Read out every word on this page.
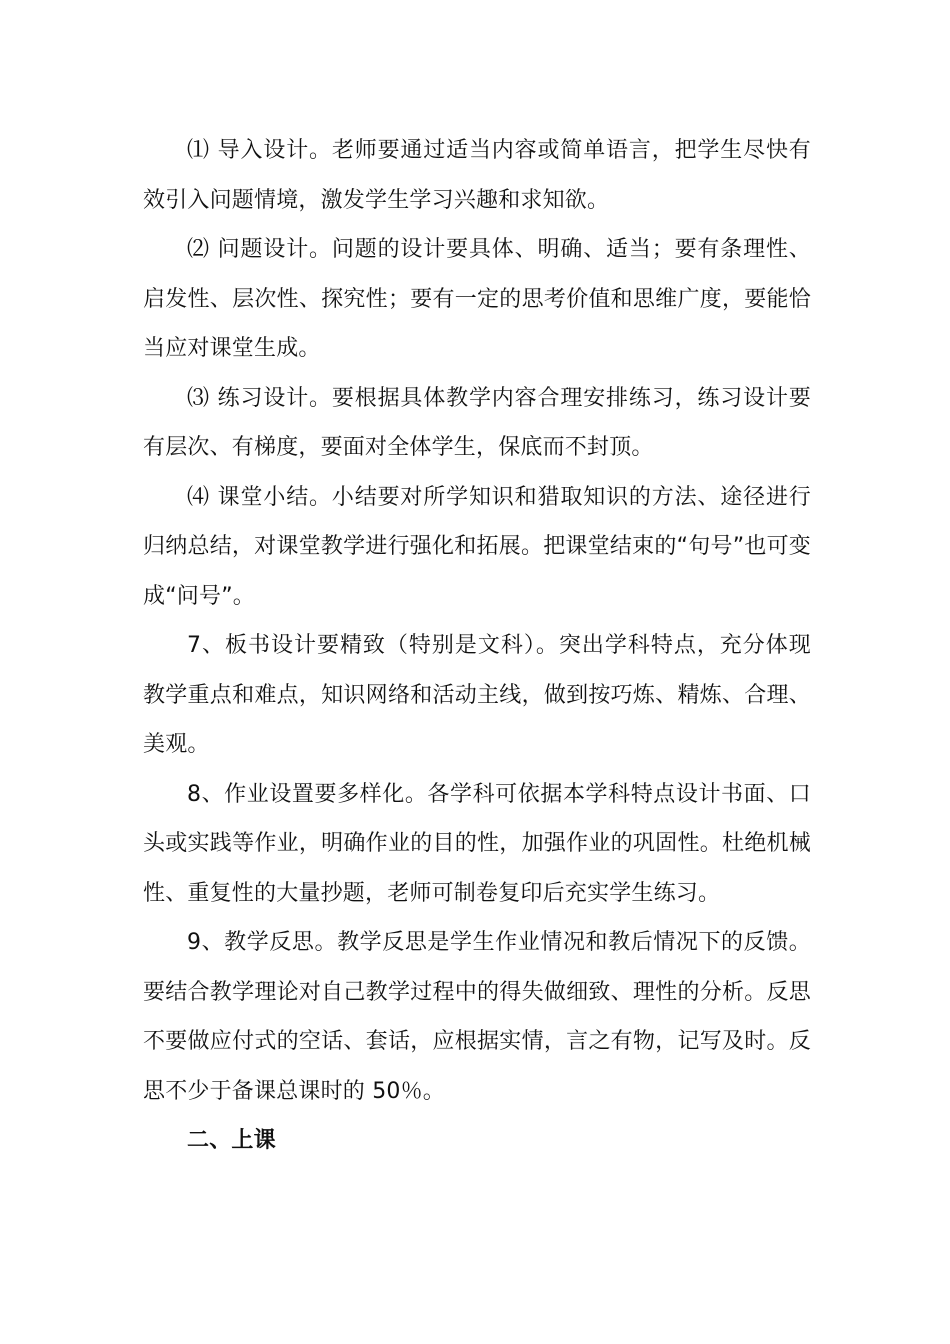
⑴ 导入设计。老师要通过适当内容或简单语言，把学生尽快有效引入问题情境，激发学生学习兴趣和求知欲。

⑵ 问题设计。问题的设计要具体、明确、适当；要有条理性、启发性、层次性、探究性；要有一定的思考价值和思维广度，要能恰当应对课堂生成。

⑶ 练习设计。要根据具体教学内容合理安排练习，练习设计要有层次、有梯度，要面对全体学生，保底而不封顶。

⑷ 课堂小结。小结要对所学知识和猎取知识的方法、途径进行归纳总结，对课堂教学进行强化和拓展。把课堂结束的“句号”也可变成“问号”。

7、板书设计要精致（特别是文科）。突出学科特点，充分体现教学重点和难点，知识网络和活动主线，做到按巧炼、精炼、合理、美观。

8、作业设置要多样化。各学科可依据本学科特点设计书面、口头或实践等作业，明确作业的目的性，加强作业的巩固性。杜绝机械性、重复性的大量抄题，老师可制卷复印后充实学生练习。

9、教学反思。教学反思是学生作业情况和教后情况下的反馈。要结合教学理论对自己教学过程中的得失做细致、理性的分析。反思不要做应付式的空话、套话，应根据实情，言之有物，记写及时。反思不少于备课总课时的 50％。

二、上课
